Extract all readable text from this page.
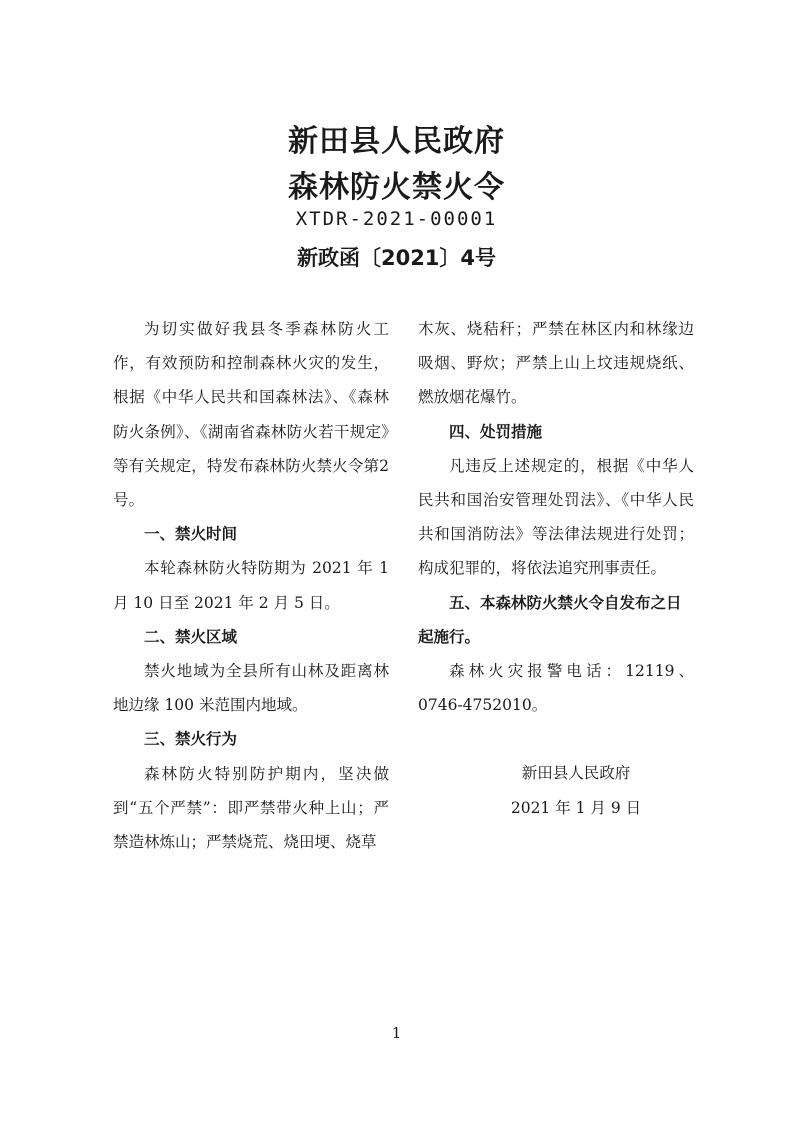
新田县人民政府
森林防火禁火令
XTDR-2021-00001
新政函〔2021〕4号

为切实做好我县冬季森林防火工作，有效预防和控制森林火灾的发生，根据《中华人民共和国森林法》、《森林防火条例》、《湖南省森林防火若干规定》等有关规定，特发布森林防火禁火令第2号。

一、禁火时间

本轮森林防火特防期为 2021 年 1 月 10 日至 2021 年 2 月 5 日。

二、禁火区域

禁火地域为全县所有山林及距离林地边缘 100 米范围内地域。

三、禁火行为

森林防火特别防护期内，坚决做到“五个严禁”：即严禁带火种上山；严禁造林炼山；严禁烧荒、烧田埂、烧草

木灰、烧秸秆；严禁在林区内和林缘边吸烟、野炊；严禁上山上坟违规烧纸、燃放烟花爆竹。

四、处罚措施

凡违反上述规定的，根据《中华人民共和国治安管理处罚法》、《中华人民共和国消防法》等法律法规进行处罚；构成犯罪的，将依法追究刑事责任。

五、本森林防火禁火令自发布之日起施行。

森林火灾报警电话：12119、0746-4752010。

新田县人民政府

2021 年 1 月 9 日

1
